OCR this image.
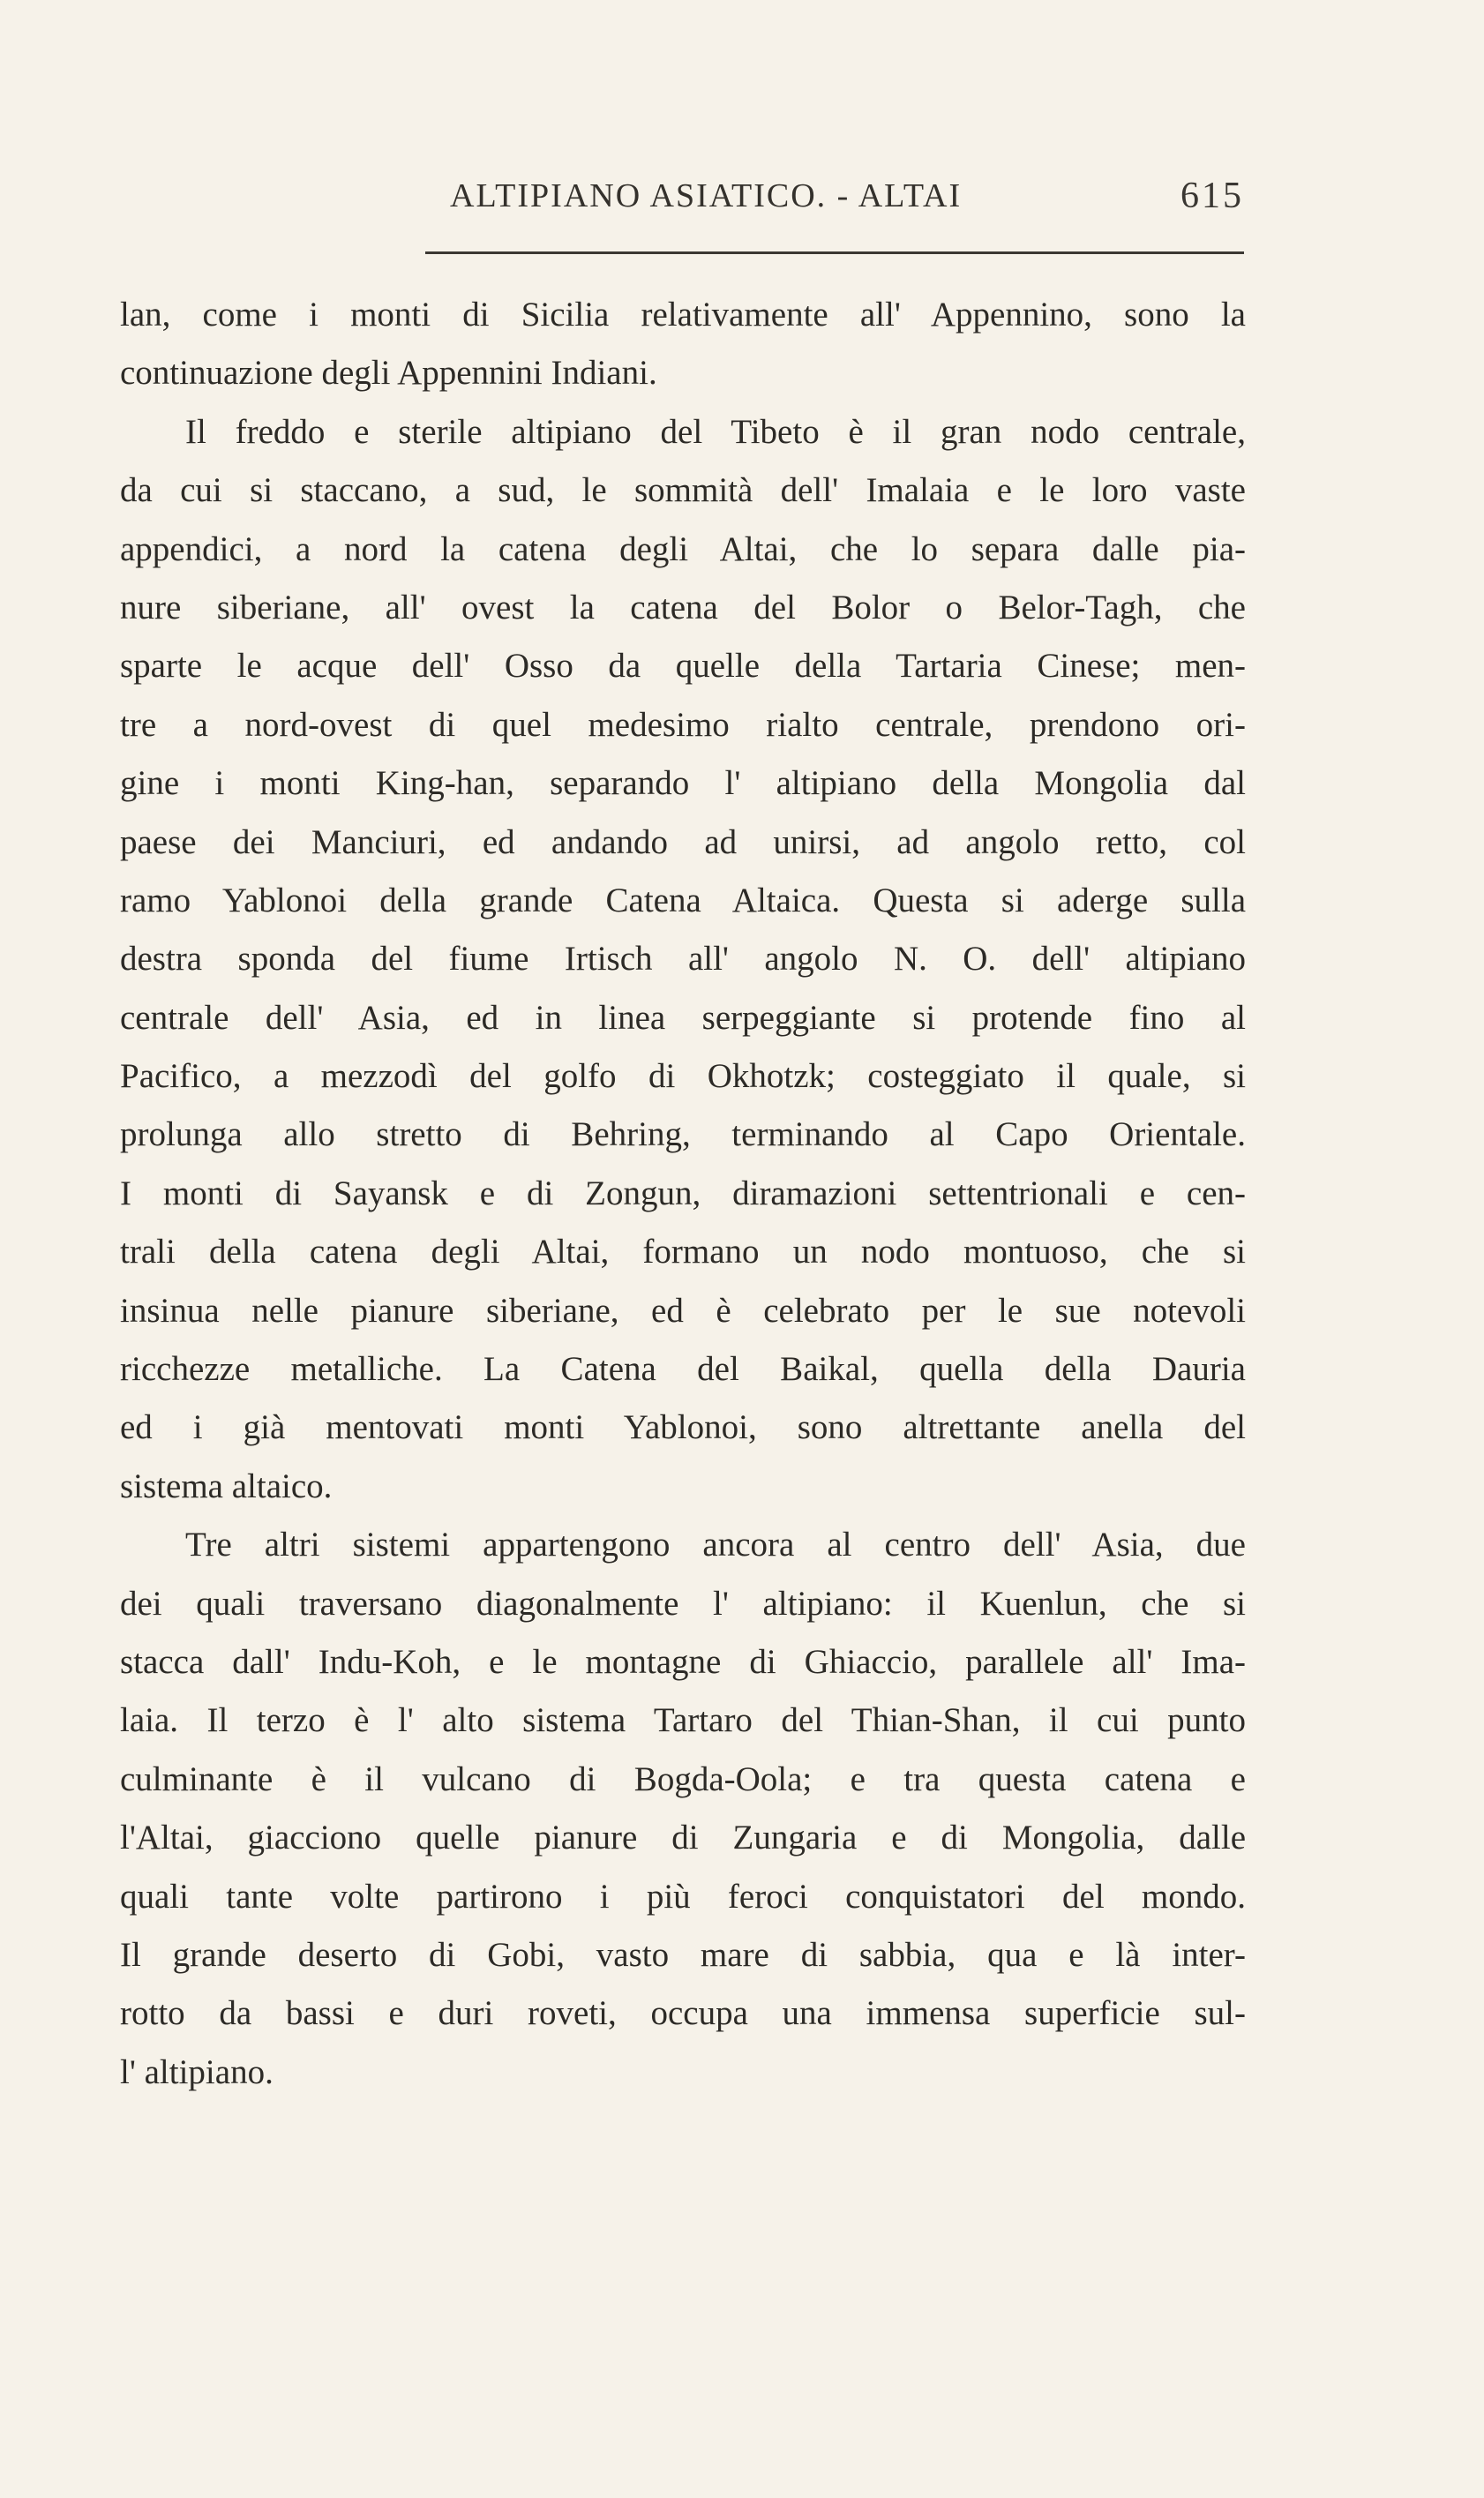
ALTIPIANO ASIATICO. - ALTAI	615
lan, come i monti di Sicilia relativamente all' Appennino, sono la
continuazione degli Appennini Indiani.
Il freddo e sterile altipiano del Tibeto è il gran nodo centrale,
da cui si staccano, a sud, le sommità dell' Imalaia e le loro vaste
appendici, a nord la catena degli Altai, che lo separa dalle pia-
nure siberiane, all' ovest la catena del Bolor o Belor-Tagh, che
sparte le acque dell' Osso da quelle della Tartaria Cinese; men-
tre a nord-ovest di quel medesimo rialto centrale, prendono ori-
gine i monti King-han, separando l' altipiano della Mongolia dal
paese dei Manciuri, ed andando ad unirsi, ad angolo retto, col
ramo Yablonoi della grande Catena Altaica. Questa si aderge sulla
destra sponda del fiume Irtisch all' angolo N. O. dell' altipiano
centrale dell' Asia, ed in linea serpeggiante si protende fino al
Pacifico, a mezzodì del golfo di Okhotzk; costeggiato il quale, si
prolunga allo stretto di Behring, terminando al Capo Orientale.
I monti di Sayansk e di Zongun, diramazioni settentrionali e cen-
trali della catena degli Altai, formano un nodo montuoso, che si
insinua nelle pianure siberiane, ed è celebrato per le sue notevoli
ricchezze metalliche. La Catena del Baikal, quella della Dauria
ed i già mentovati monti Yablonoi, sono altrettante anella del
sistema altaico.
Tre altri sistemi appartengono ancora al centro dell' Asia, due
dei quali traversano diagonalmente l' altipiano: il Kuenlun, che si
stacca dall' Indu-Koh, e le montagne di Ghiaccio, parallele all' Ima-
laia. Il terzo è l' alto sistema Tartaro del Thian-Shan, il cui punto
culminante è il vulcano di Bogda-Oola; e tra questa catena e
l'Altai, giacciono quelle pianure di Zungaria e di Mongolia, dalle
quali tante volte partirono i più feroci conquistatori del mondo.
Il grande deserto di Gobi, vasto mare di sabbia, qua e là inter-
rotto da bassi e duri roveti, occupa una immensa superficie sul-
l' altipiano.
